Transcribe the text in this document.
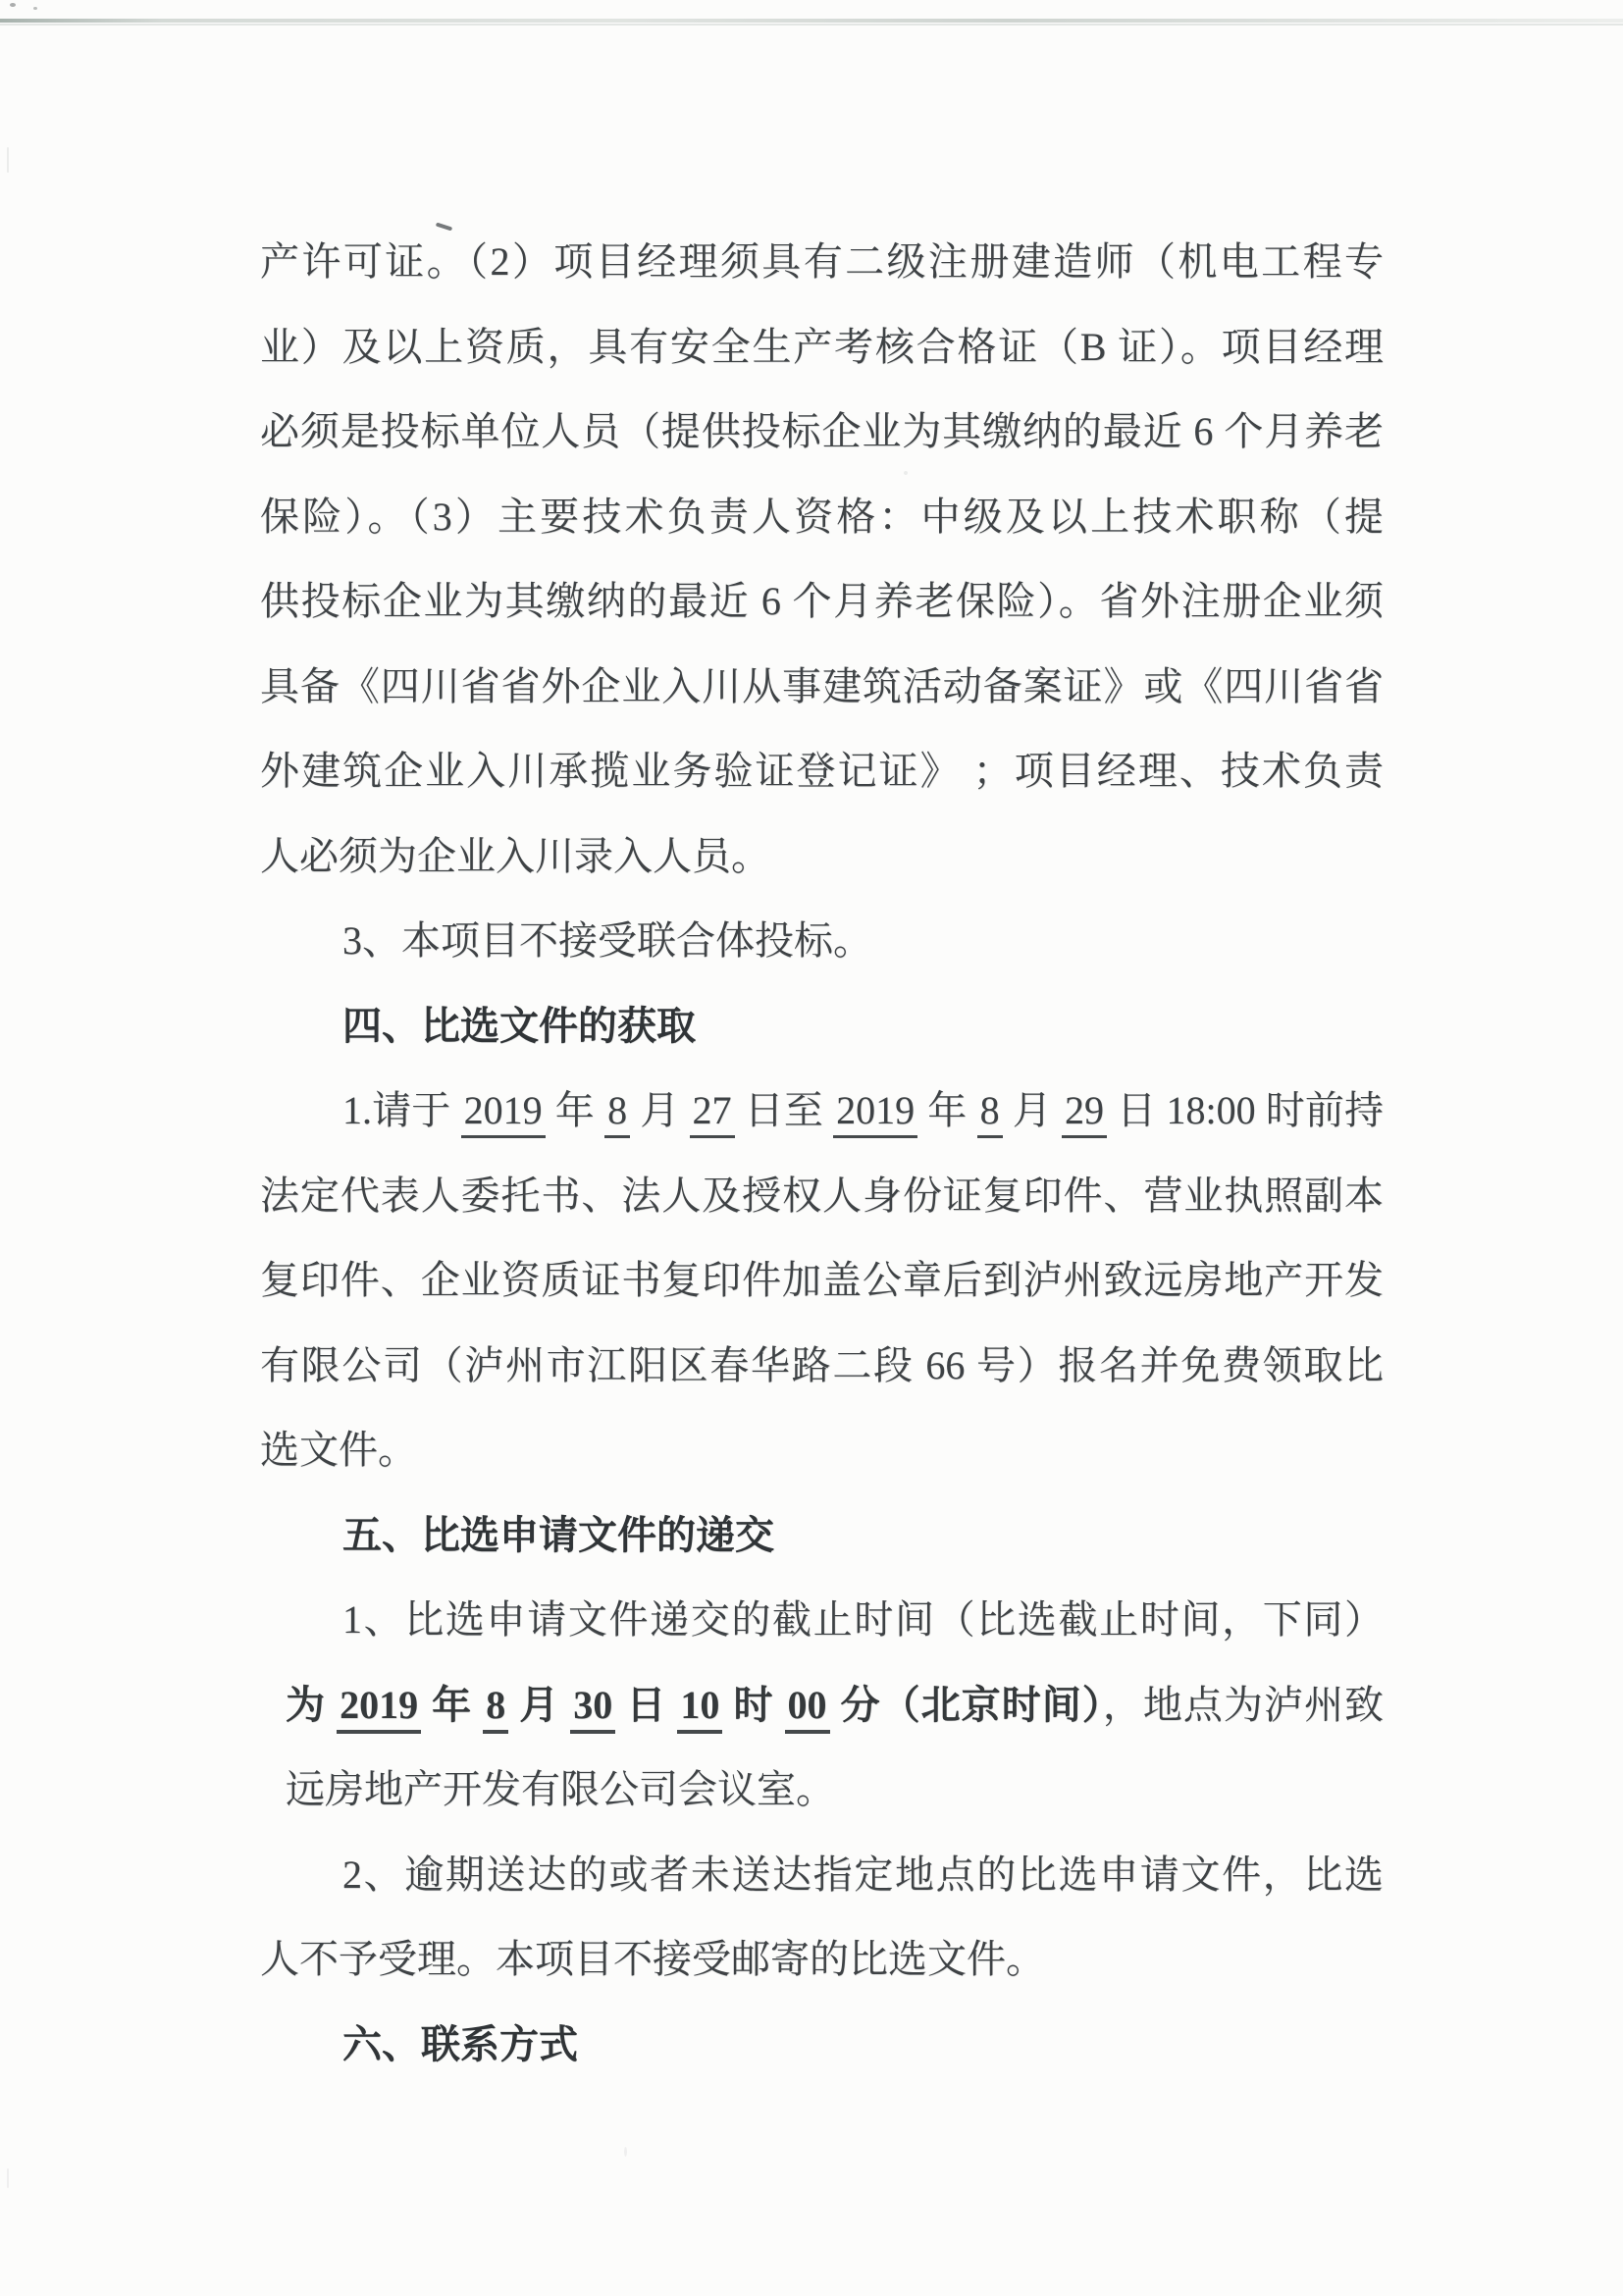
产许可证。（2）项目经理须具有二级注册建造师（机电工程专
业）及以上资质，具有安全生产考核合格证（B 证）。项目经理
必须是投标单位人员（提供投标企业为其缴纳的最近 6 个月养老
保险）。（3）主要技术负责人资格：中级及以上技术职称（提
供投标企业为其缴纳的最近 6 个月养老保险）。省外注册企业须
具备《四川省省外企业入川从事建筑活动备案证》或《四川省省
外建筑企业入川承揽业务验证登记证》 ；项目经理、技术负责
人必须为企业入川录入人员。
3、本项目不接受联合体投标。
四、比选文件的获取
1.请于 2019 年 8 月 27 日至 2019 年 8 月 29 日 18:00 时前持
法定代表人委托书、法人及授权人身份证复印件、营业执照副本
复印件、企业资质证书复印件加盖公章后到泸州致远房地产开发
有限公司（泸州市江阳区春华路二段 66 号）报名并免费领取比
选文件。
五、比选申请文件的递交
1、比选申请文件递交的截止时间（比选截止时间，下同）
为 2019 年 8 月 30 日 10 时 00 分（北京时间），地点为泸州致
远房地产开发有限公司会议室。
2、逾期送达的或者未送达指定地点的比选申请文件，比选
人不予受理。本项目不接受邮寄的比选文件。
六、联系方式
